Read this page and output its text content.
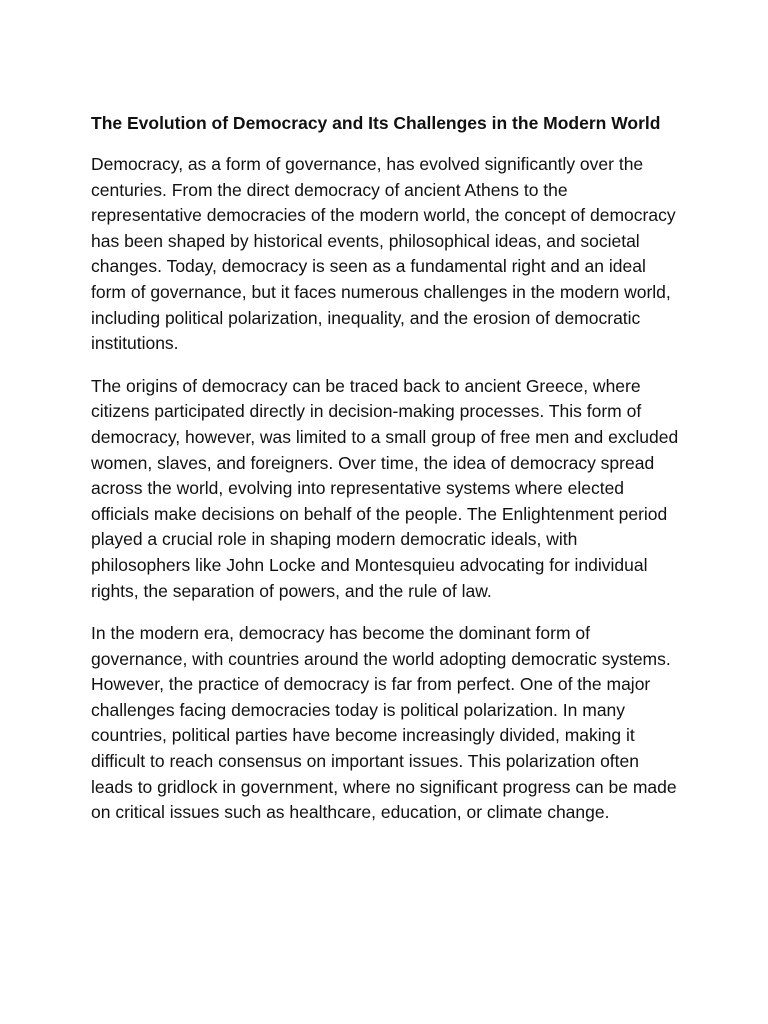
The Evolution of Democracy and Its Challenges in the Modern World

Democracy, as a form of governance, has evolved significantly over the centuries. From the direct democracy of ancient Athens to the representative democracies of the modern world, the concept of democracy has been shaped by historical events, philosophical ideas, and societal changes. Today, democracy is seen as a fundamental right and an ideal form of governance, but it faces numerous challenges in the modern world, including political polarization, inequality, and the erosion of democratic institutions.

The origins of democracy can be traced back to ancient Greece, where citizens participated directly in decision-making processes. This form of democracy, however, was limited to a small group of free men and excluded women, slaves, and foreigners. Over time, the idea of democracy spread across the world, evolving into representative systems where elected officials make decisions on behalf of the people. The Enlightenment period played a crucial role in shaping modern democratic ideals, with philosophers like John Locke and Montesquieu advocating for individual rights, the separation of powers, and the rule of law.

In the modern era, democracy has become the dominant form of governance, with countries around the world adopting democratic systems. However, the practice of democracy is far from perfect. One of the major challenges facing democracies today is political polarization. In many countries, political parties have become increasingly divided, making it difficult to reach consensus on important issues. This polarization often leads to gridlock in government, where no significant progress can be made on critical issues such as healthcare, education, or climate change.
